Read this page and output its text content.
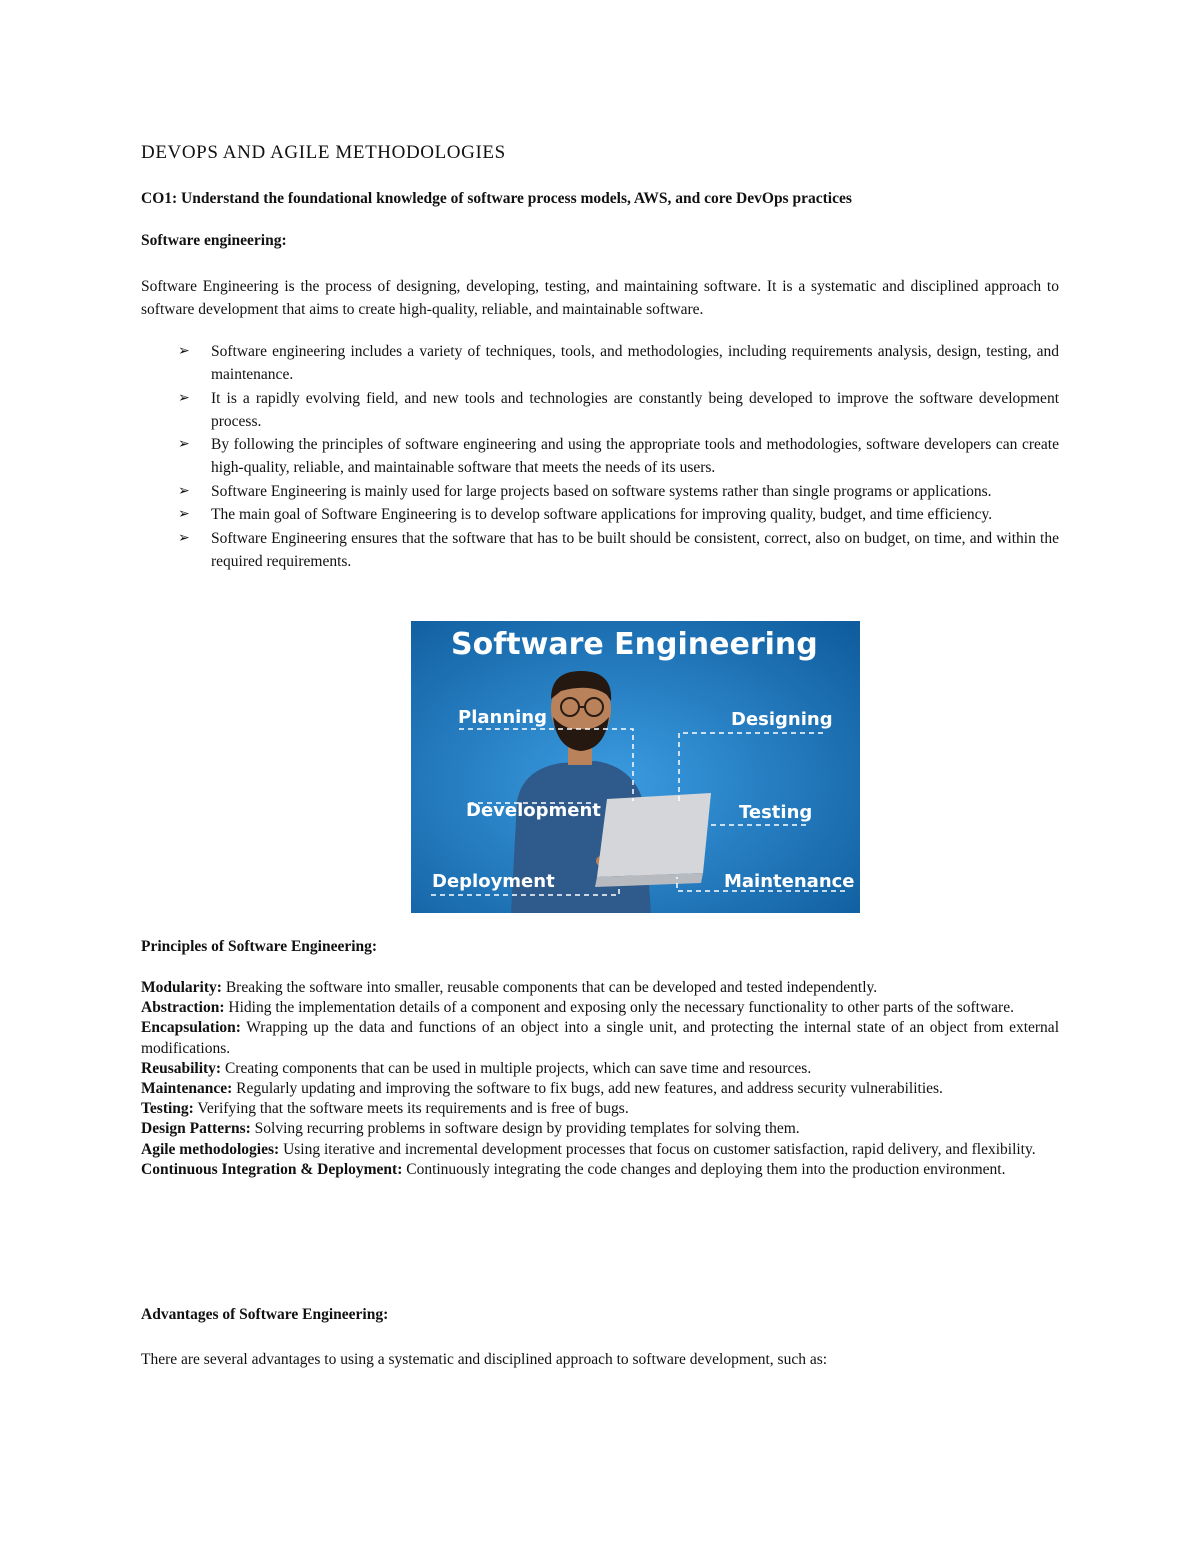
DEVOPS AND AGILE METHODOLOGIES
CO1: Understand the foundational knowledge of software process models, AWS, and core DevOps practices
Software engineering:
Software Engineering is the process of designing, developing, testing, and maintaining software. It is a systematic and disciplined approach to software development that aims to create high-quality, reliable, and maintainable software.
➢ Software engineering includes a variety of techniques, tools, and methodologies, including requirements analysis, design, testing, and maintenance.
➢ It is a rapidly evolving field, and new tools and technologies are constantly being developed to improve the software development process.
➢ By following the principles of software engineering and using the appropriate tools and methodologies, software developers can create high-quality, reliable, and maintainable software that meets the needs of its users.
➢ Software Engineering is mainly used for large projects based on software systems rather than single programs or applications.
➢ The main goal of Software Engineering is to develop software applications for improving quality, budget, and time efficiency.
➢ Software Engineering ensures that the software that has to be built should be consistent, correct, also on budget, on time, and within the required requirements.
Principles of Software Engineering:

Modularity: Breaking the software into smaller, reusable components that can be developed and tested independently.

Abstraction: Hiding the implementation details of a component and exposing only the necessary functionality to other parts of the software.

Encapsulation: Wrapping up the data and functions of an object into a single unit, and protecting the internal state of an object from external modifications.

Reusability: Creating components that can be used in multiple projects, which can save time and resources.

Maintenance: Regularly updating and improving the software to fix bugs, add new features, and address security vulnerabilities.

Testing: Verifying that the software meets its requirements and is free of bugs.

Design Patterns: Solving recurring problems in software design by providing templates for solving them.

Agile methodologies: Using iterative and incremental development processes that focus on customer satisfaction, rapid delivery, and flexibility.

Continuous Integration & Deployment: Continuously integrating the code changes and deploying them into the production environment.

Advantages of Software Engineering:
There are several advantages to using a systematic and disciplined approach to software development, such as:
Software Engineering
Planning	Designing
Development	Testing
Deployment	Maintenance
